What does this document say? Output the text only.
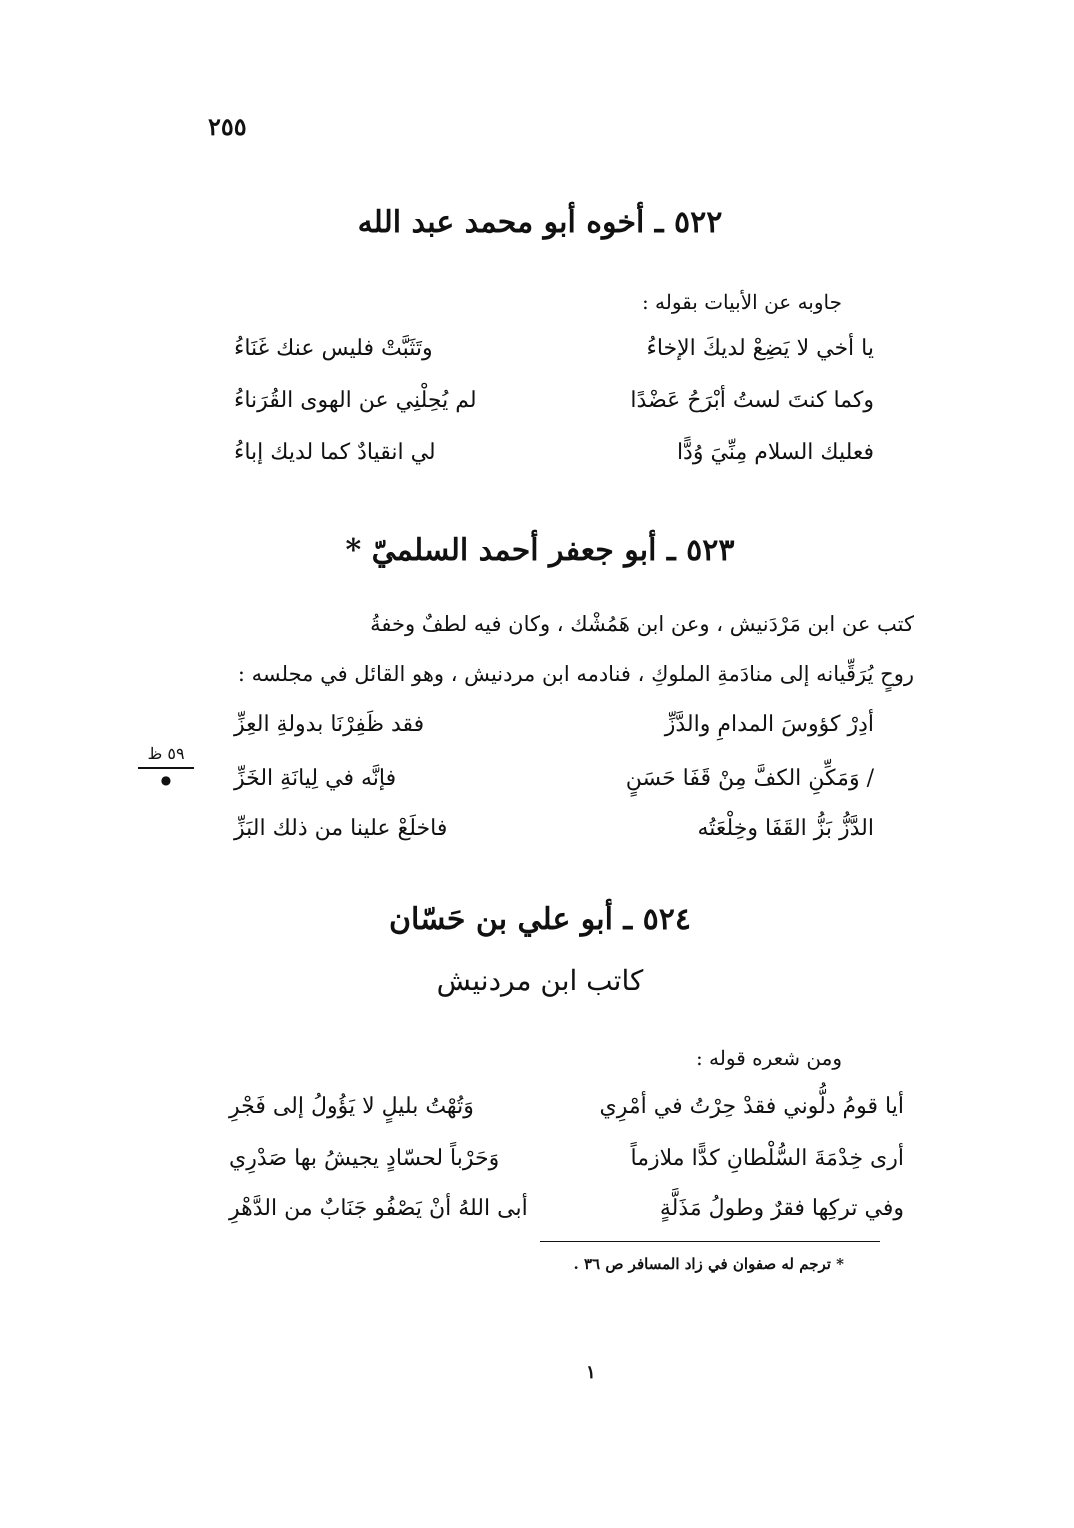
٢٥٥
٥٢٢ ـ أخوه أبو محمد عبد الله
جاوبه عن الأبيات بقوله :
يا أخي لا يَضِعْ لديكَ الإخاءُ
وتَثَبَّتْ فليس عنك غَنَاءُ
وكما كنتَ لستُ أبْرَحُ عَضْدًا
لم يُحِلْنِي عن الهوى القُرَناءُ
فعليك السلام مِنِّيَ وُدًّا
لي انقيادٌ كما لديك إباءُ
٥٢٣ ـ أبو جعفر أحمد السلميّ *
كتب عن ابن مَرْدَنيش ، وعن ابن هَمُشْك ، وكان فيه لطفٌ وخفةُ
روحٍ يُرَقِّيانه إلى منادَمةِ الملوكِ ، فنادمه ابن مردنيش ، وهو القائل في مجلسه :
أدِرْ كؤوسَ المدامِ والدَّزِّ
فقد ظَفِرْنَا بدولةِ العِزِّ
/ وَمَكِّنِ الكفَّ مِنْ قَفَا حَسَنٍ
فإنَّه في لِيانَةِ الخَزِّ
الدَّزُّ بَزُّ القَفَا وخِلْعَتُه
فاخلَعْ علينا من ذلك البَزِّ
٥٩ ظ
●
٥٢٤ ـ أبو علي بن حَسّان
كاتب ابن مردنيش
ومن شعره قوله :
أيا قومُ دلُّوني فقدْ حِرْتُ في أمْرِي
وَتُهْتُ بليلٍ لا يَؤُولُ إلى فَجْرِ
أرى خِدْمَةَ السُّلْطانِ كدًّا ملازماً
وَحَرْباً لحسّادٍ يجيشُ بها صَدْرِي
وفي تركِها فقرٌ وطولُ مَذَلَّةٍ
أبى اللهُ أنْ يَصْفُو جَنَابٌ من الدَّهْرِ
* ترجم له صفوان في زاد المسافر ص ٣٦ .
١
